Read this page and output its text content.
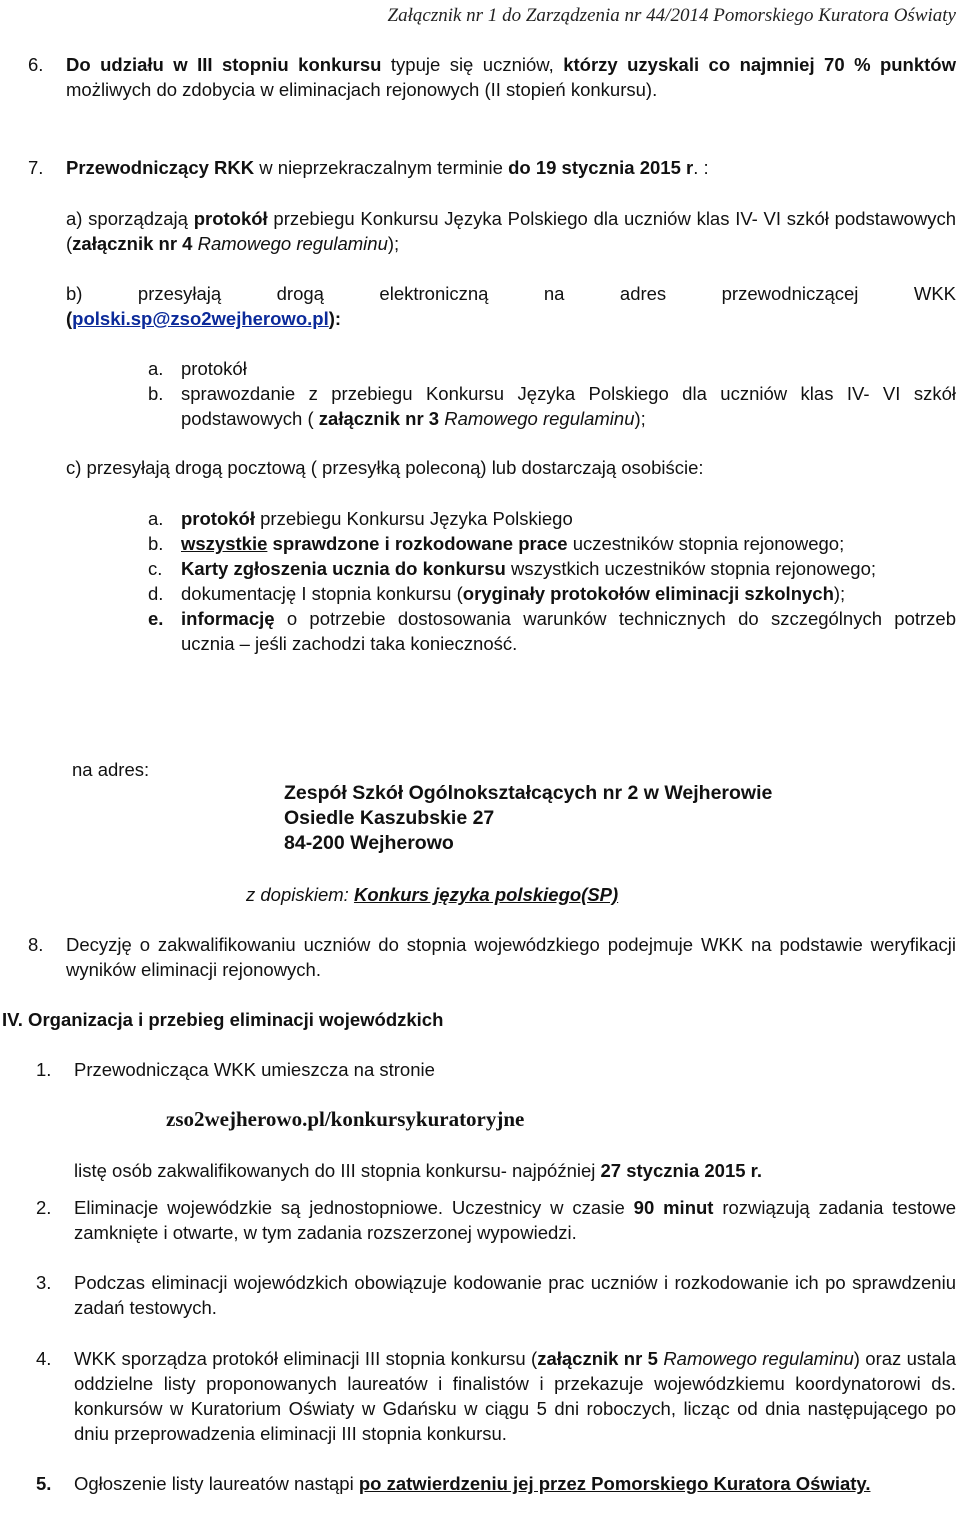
Załącznik nr 1 do Zarządzenia nr 44/2014 Pomorskiego Kuratora Oświaty
6. Do udziału w III stopniu konkursu typuje się uczniów, którzy uzyskali co najmniej 70 % punktów możliwych do zdobycia w eliminacjach rejonowych (II stopień konkursu).
7. Przewodniczący RKK w nieprzekraczalnym terminie do 19 stycznia 2015 r. :
a) sporządzają protokół przebiegu Konkursu Języka Polskiego dla uczniów klas IV- VI szkół podstawowych (załącznik nr 4 Ramowego regulaminu);
b) przesyłają drogą elektroniczną na adres przewodniczącej WKK
(polski.sp@zso2wejherowo.pl):
a. protokół
b. sprawozdanie z przebiegu Konkursu Języka Polskiego dla uczniów klas IV- VI szkół podstawowych ( załącznik nr 3 Ramowego regulaminu);
c) przesyłają drogą pocztową ( przesyłką poleconą) lub dostarczają osobiście:
a. protokół przebiegu Konkursu Języka Polskiego
b. wszystkie sprawdzone i rozkodowane prace uczestników stopnia rejonowego;
c. Karty zgłoszenia ucznia do konkursu wszystkich uczestników stopnia rejonowego;
d. dokumentację I stopnia konkursu (oryginały protokołów eliminacji szkolnych);
e. informację o potrzebie dostosowania warunków technicznych do szczególnych potrzeb ucznia – jeśli zachodzi taka konieczność.
na adres:
Zespół Szkół Ogólnokształcących nr 2 w Wejherowie
Osiedle Kaszubskie 27
84-200 Wejherowo
z dopiskiem: Konkurs języka polskiego(SP)
8. Decyzję o zakwalifikowaniu uczniów do stopnia wojewódzkiego podejmuje WKK na podstawie weryfikacji wyników eliminacji rejonowych.
IV. Organizacja i przebieg eliminacji wojewódzkich
1. Przewodnicząca WKK umieszcza na stronie
zso2wejherowo.pl/konkursykuratoryjne
listę osób zakwalifikowanych do III stopnia konkursu- najpóźniej 27 stycznia 2015 r.
2. Eliminacje wojewódzkie są jednostopniowe. Uczestnicy w czasie 90 minut rozwiązują zadania testowe zamknięte i otwarte, w tym zadania rozszerzonej wypowiedzi.
3. Podczas eliminacji wojewódzkich obowiązuje kodowanie prac uczniów i rozkodowanie ich po sprawdzeniu zadań testowych.
4. WKK sporządza protokół eliminacji III stopnia konkursu (załącznik nr 5 Ramowego regulaminu) oraz ustala oddzielne listy proponowanych laureatów i finalistów i przekazuje wojewódzkiemu koordynatorowi ds. konkursów w Kuratorium Oświaty w Gdańsku w ciągu 5 dni roboczych, licząc od dnia następującego po dniu przeprowadzenia eliminacji III stopnia konkursu.
5. Ogłoszenie listy laureatów nastąpi po zatwierdzeniu jej przez Pomorskiego Kuratora Oświaty.
